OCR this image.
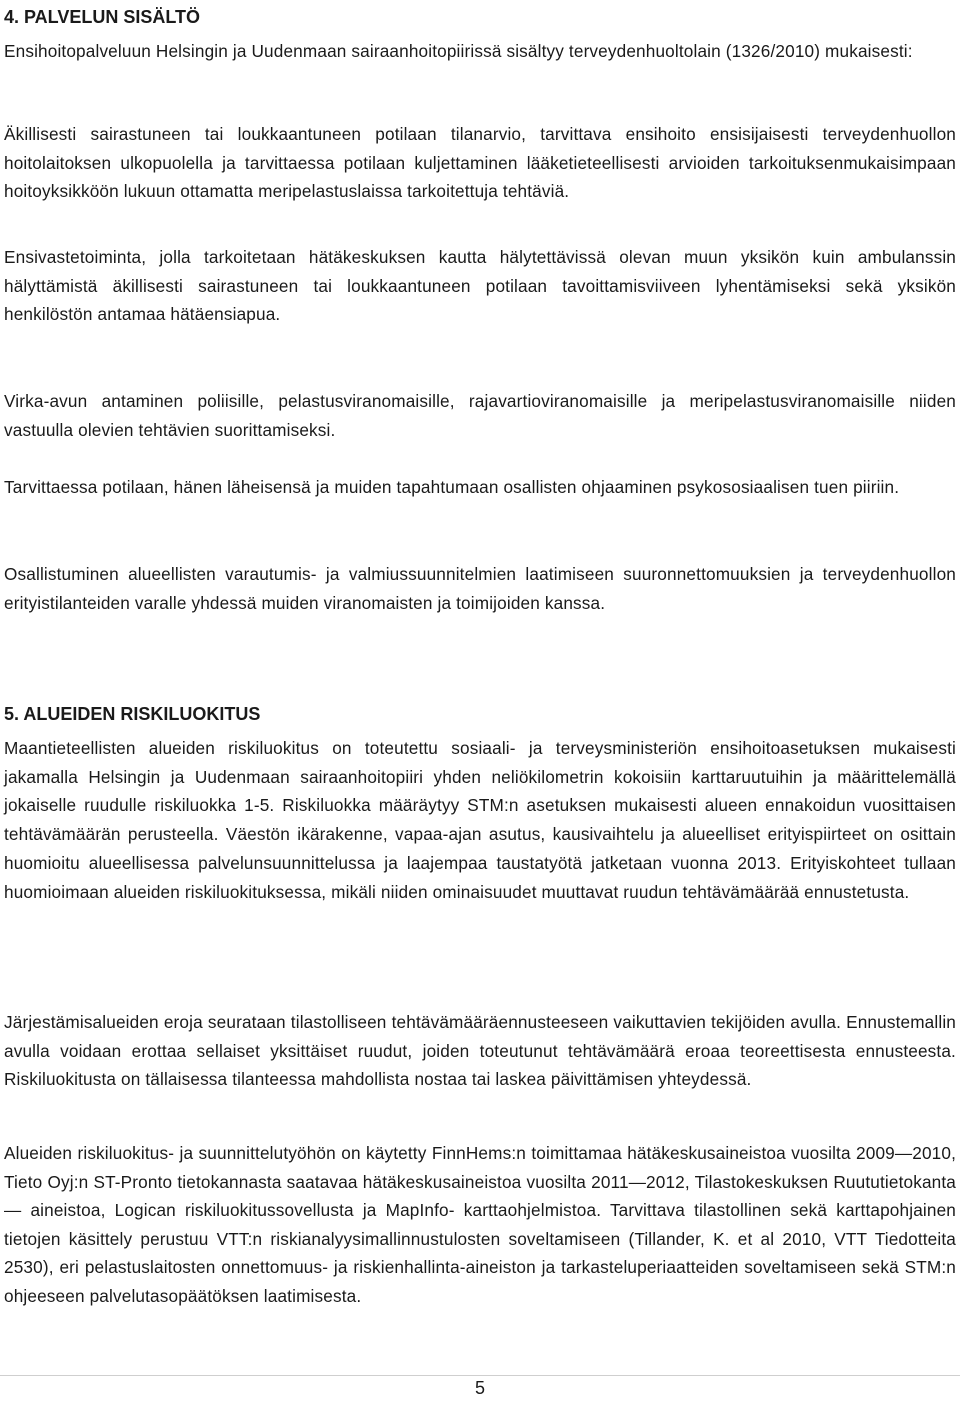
4. PALVELUN SISÄLTÖ

Ensihoitopalveluun Helsingin ja Uudenmaan sairaanhoitopiirissä sisältyy terveydenhuoltolain (1326/2010) mukaisesti:

Äkillisesti sairastuneen tai loukkaantuneen potilaan tilanarvio, tarvittava ensihoito ensisijaisesti terveydenhuollon hoitolaitoksen ulkopuolella ja tarvittaessa potilaan kuljettaminen lääketieteellisesti arvioiden tarkoituksenmukaisimpaan hoitoyksikköön lukuun ottamatta meripelastuslaissa tarkoitettuja tehtäviä.

Ensivastetoiminta, jolla tarkoitetaan hätäkeskuksen kautta hälytettävissä olevan muun yksikön kuin ambulanssin hälyttämistä äkillisesti sairastuneen tai loukkaantuneen potilaan tavoittamisviiveen lyhentämiseksi sekä yksikön henkilöstön antamaa hätäensiapua.

Virka-avun antaminen poliisille, pelastusviranomaisille, rajavartioviranomaisille ja meripelastusviranomaisille niiden vastuulla olevien tehtävien suorittamiseksi.

Tarvittaessa potilaan, hänen läheisensä ja muiden tapahtumaan osallisten ohjaaminen psykososiaalisen tuen piiriin.

Osallistuminen alueellisten varautumis- ja valmiussuunnitelmien laatimiseen suuronnettomuuksien ja terveydenhuollon erityistilanteiden varalle yhdessä muiden viranomaisten ja toimijoiden kanssa.

5. ALUEIDEN RISKILUOKITUS

Maantieteellisten alueiden riskiluokitus on toteutettu sosiaali- ja terveysministeriön ensihoitoasetuksen mukaisesti jakamalla Helsingin ja Uudenmaan sairaanhoitopiiri yhden neliökilometrin kokoisiin karttaruutuihin ja määrittelemällä jokaiselle ruudulle riskiluokka 1-5. Riskiluokka määräytyy STM:n asetuksen mukaisesti alueen ennakoidun vuosittaisen tehtävämäärän perusteella. Väestön ikärakenne, vapaa-ajan asutus, kausivaihtelu ja alueelliset erityispiirteet on osittain huomioitu alueellisessa palvelunsuunnittelussa ja laajempaa taustatyötä jatketaan vuonna 2013. Erityiskohteet tullaan huomioimaan alueiden riskiluokituksessa, mikäli niiden ominaisuudet muuttavat ruudun tehtävämäärää ennustetusta.

Järjestämisalueiden eroja seurataan tilastolliseen tehtävämääräennusteeseen vaikuttavien tekijöiden avulla. Ennustemallin avulla voidaan erottaa sellaiset yksittäiset ruudut, joiden toteutunut tehtävämäärä eroaa teoreettisesta ennusteesta. Riskiluokitusta on tällaisessa tilanteessa mahdollista nostaa tai laskea päivittämisen yhteydessä.

Alueiden riskiluokitus- ja suunnittelutyöhön on käytetty FinnHems:n toimittamaa hätäkeskusaineistoa vuosilta 2009—2010, Tieto Oyj:n ST-Pronto tietokannasta saatavaa hätäkeskusaineistoa vuosilta 2011—2012, Tilastokeskuksen Ruututietokanta — aineistoa, Logican riskiluokitussovellusta ja MapInfo- karttaohjelmistoa. Tarvittava tilastollinen sekä karttapohjainen tietojen käsittely perustuu VTT:n riskianalyysimallinnustulosten soveltamiseen (Tillander, K. et al 2010, VTT Tiedotteita 2530), eri pelastuslaitosten onnettomuus- ja riskienhallinta-aineiston ja tarkasteluperiaatteiden soveltamiseen sekä STM:n ohjeeseen palvelutasopäätöksen laatimisesta.

5
